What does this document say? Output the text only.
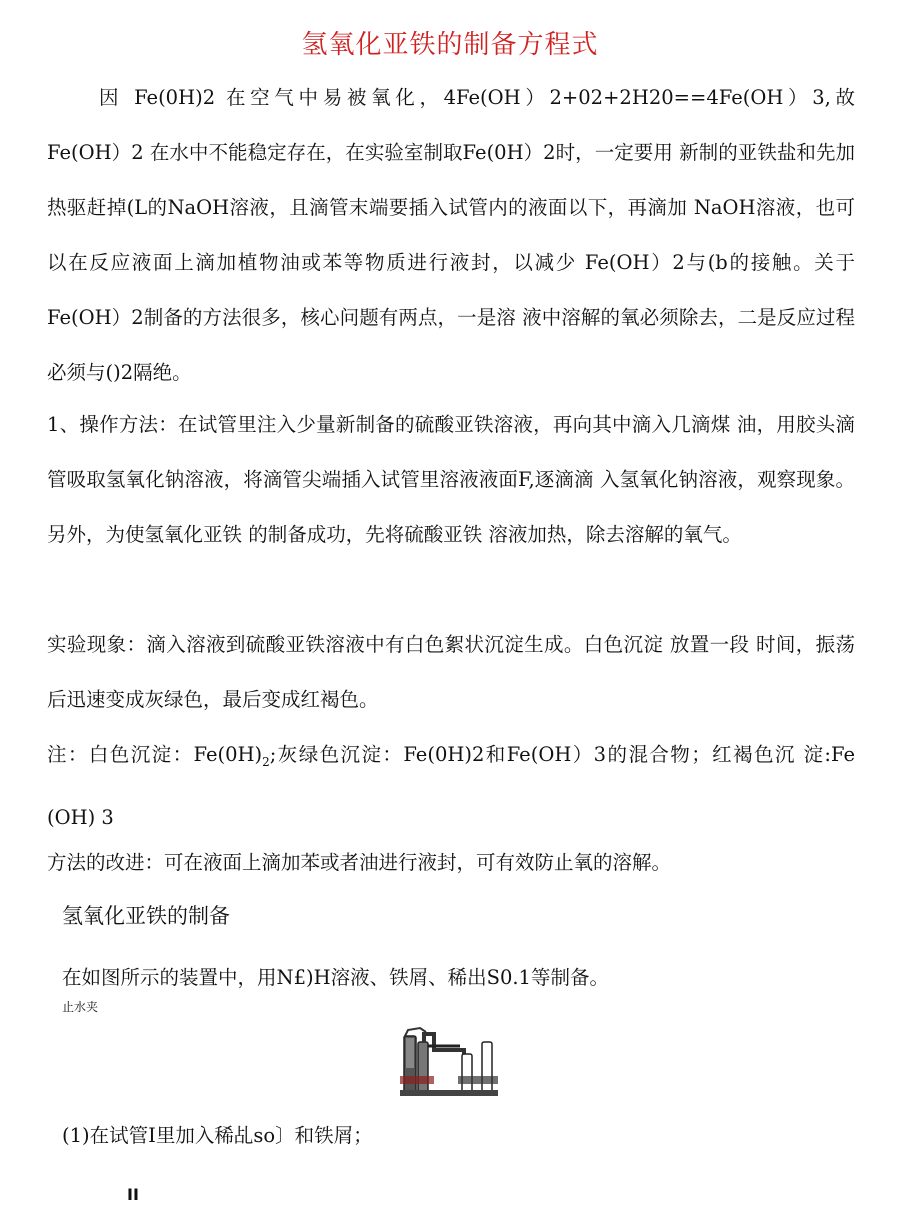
氢氧化亚铁的制备方程式

因 Fe(0H)2 在空气中易被氧化，4Fe(OH）2+02+2H20==4Fe(OH）3,故 Fe(OH）2 在水中不能稳定存在，在实验室制取Fe(0H）2时，一定要用 新制的亚铁盐和先加 热驱赶掉(L的NaOH溶液，且滴管末端要插入试管内的液面以下，再滴加 NaOH溶液，也可以在反应液面上滴加植物油或苯等物质进行液封，以减少 Fe(OH）2与(b的接触。关于Fe(OH）2制备的方法很多，核心问题有两点，一是溶 液中溶解的氧必须除去，二是反应过程必须与()2隔绝。

1、操作方法：在试管里注入少量新制备的硫酸亚铁溶液，再向其中滴入几滴煤 油，用胶头滴管吸取氢氧化钠溶液，将滴管尖端插入试管里溶液液面F,逐滴滴 入氢氧化钠溶液，观察现象。另外，为使氢氧化亚铁 的制备成功，先将硫酸亚铁 溶液加热，除去溶解的氧气。

实验现象：滴入溶液到硫酸亚铁溶液中有白色絮状沉淀生成。白色沉淀 放置一段 时间，振荡后迅速变成灰绿色，最后变成红褐色。

注：白色沉淀：$Fe(0H)_2$;灰绿色沉淀：Fe(0H)2和Fe(OH）3的混合物；红褐色沉 淀:Fe (OH) 3

方法的改进：可在液面上滴加苯或者油进行液封，可有效防止氧的溶解。

氢氧化亚铁的制备
在如图所示的装置中，用N£)H溶液、铁屑、稀出S0.1等制备。
止水夹
(1)在试管I里加入稀乩so〕和铁屑；
II
